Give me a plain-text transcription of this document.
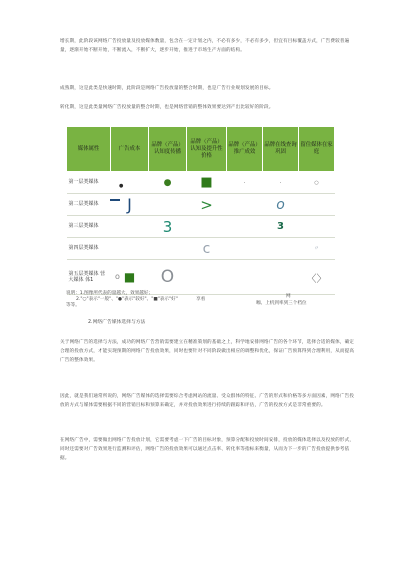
增长期，此阶段该网络广告投放量及投放媒体数量，包含在一定计划之内，不必有多少，不必有多少，但宜有目标覆盖方式，广告费较普遍量，逐渐开始不断开始，不断流入，不断扩大，逐步开始，推进于市场生产方面的结构。

成熟期，这是此类是快速时期，此阶段是网络广告投放量的整合时期，也是广告行业规划发展的目标。

转化期，这是此类量网络广告投放量的整合时期，也是网络营销的整体效果要达到产出比较好的阶段。

媒体属性	广告成本	品牌（产品）认知度传播	品牌（产品）认知及提升性价格	品牌（产品）推广成效	品牌在线查询巩固	留住媒体在家庭
第一层类媒体		●	■	·	·	○
第二层类媒体	J		>		o	
第三层类媒体		3			3	
第四层类媒体			c			〃
第五层类媒体 营大媒体 体1	■	O				〈〉
●
o
说明：1.图像所代表的量越大，效果越好；
2."○"表示"一般"、"●"表示"较好"、"■"表示"好"
等等。
享看
网
咖、上机到率到三个档位
2.网络广告媒体选择与方法

关于网络广告的选择与方法，成功的网络广告营销需要建立在精准策划的基础之上，科学地安排网络广告的各个环节，选择合适的媒体，确定合理的投放方式，才能实现预期的网络广告投放效果，同时也要针对不同阶段做出相应的调整和优化，保证广告预算得到合理利用，从而提高广告的整体效果。

因此，就是我们通常所说的，网络广告媒体的选择需要综合考虑网站的流量、受众群体的特征、广告的形式和价格等多方面因素，网络广告投放的方式与媒体需要根据不同的营销目标和预算来确定，并对投放效果进行持续的跟踪和评估，广告的投放方式是非常重要的。

在网络广告中，需要做出网络广告投放计划，它需要考虑一下广告的目标对象，预算分配和投放时间安排，投放的媒体选择以及投放的形式，同时还需要对广告效果进行监测和评估，网络广告的投放效果可以通过点击率、转化率等指标来衡量，从而为下一步的广告投放提供参考依据。
